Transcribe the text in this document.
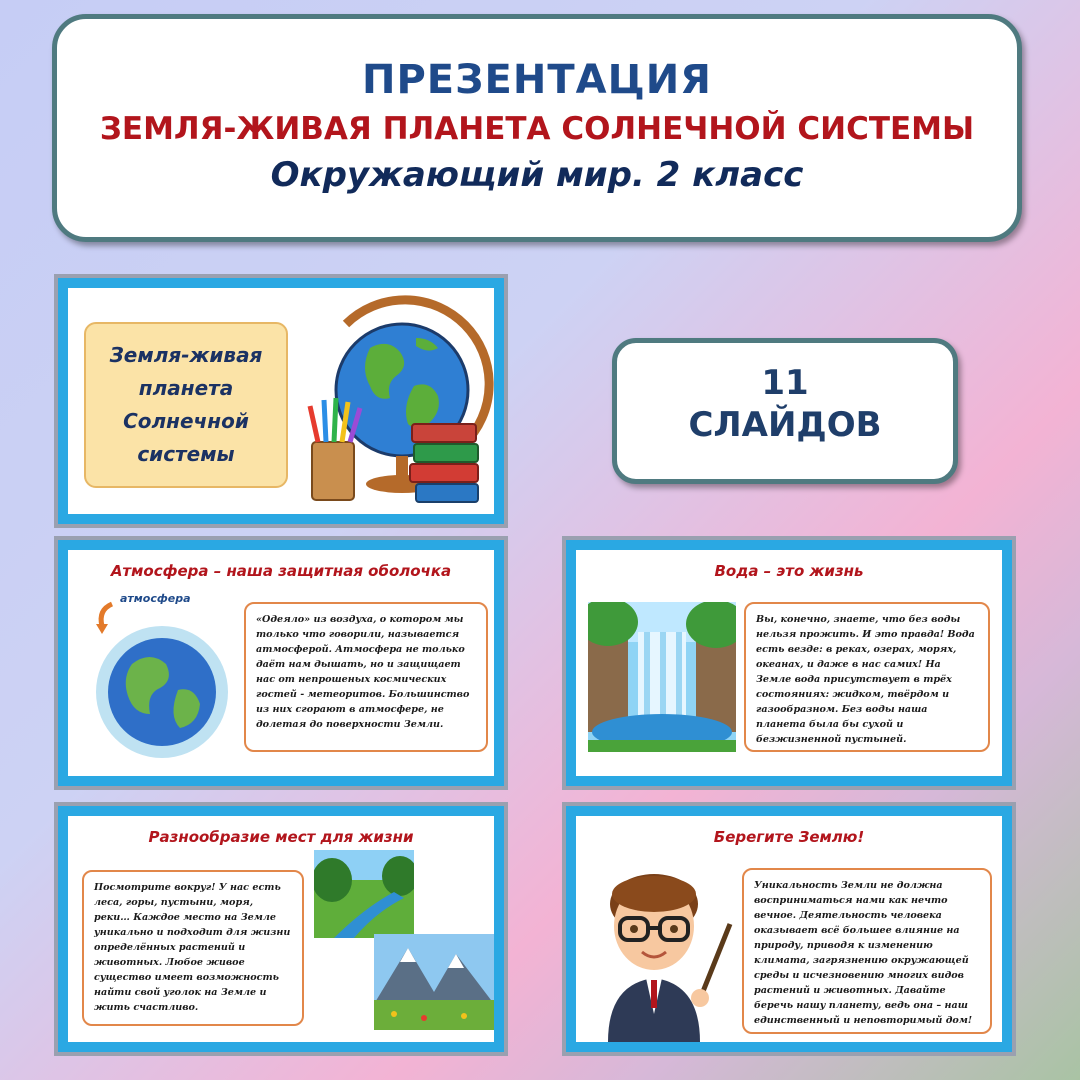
ПРЕЗЕНТАЦИЯ
ЗЕМЛЯ-ЖИВАЯ ПЛАНЕТА СОЛНЕЧНОЙ СИСТЕМЫ
Окружающий мир. 2 класс
11
СЛАЙДОВ
Земля-живая планета Солнечной системы
Атмосфера – наша защитная оболочка
атмосфера
«Одеяло» из воздуха, о котором мы только что говорили, называется атмосферой. Атмосфера не только даёт нам дышать, но и защищает нас от непрошеных космических гостей - метеоритов. Большинство из них сгорают в атмосфере, не долетая до поверхности Земли.
Вода – это жизнь
Вы, конечно, знаете, что без воды нельзя прожить. И это правда! Вода есть везде: в реках, озерах, морях, океанах, и даже в нас самих! На Земле вода присутствует в трёх состояниях: жидком, твёрдом и газообразном. Без воды наша планета была бы сухой и безжизненной пустыней.
Разнообразие мест для жизни
Посмотрите вокруг! У нас есть леса, горы, пустыни, моря, реки… Каждое место на Земле уникально и подходит для жизни определённых растений и животных. Любое живое существо имеет возможность найти свой уголок на Земле и жить счастливо.
Берегите Землю!
Уникальность Земли не должна восприниматься нами как нечто вечное. Деятельность человека оказывает всё большее влияние на природу, приводя к изменению климата, загрязнению окружающей среды и исчезновению многих видов растений и животных. Давайте беречь нашу планету, ведь она – наш единственный и неповторимый дом!
